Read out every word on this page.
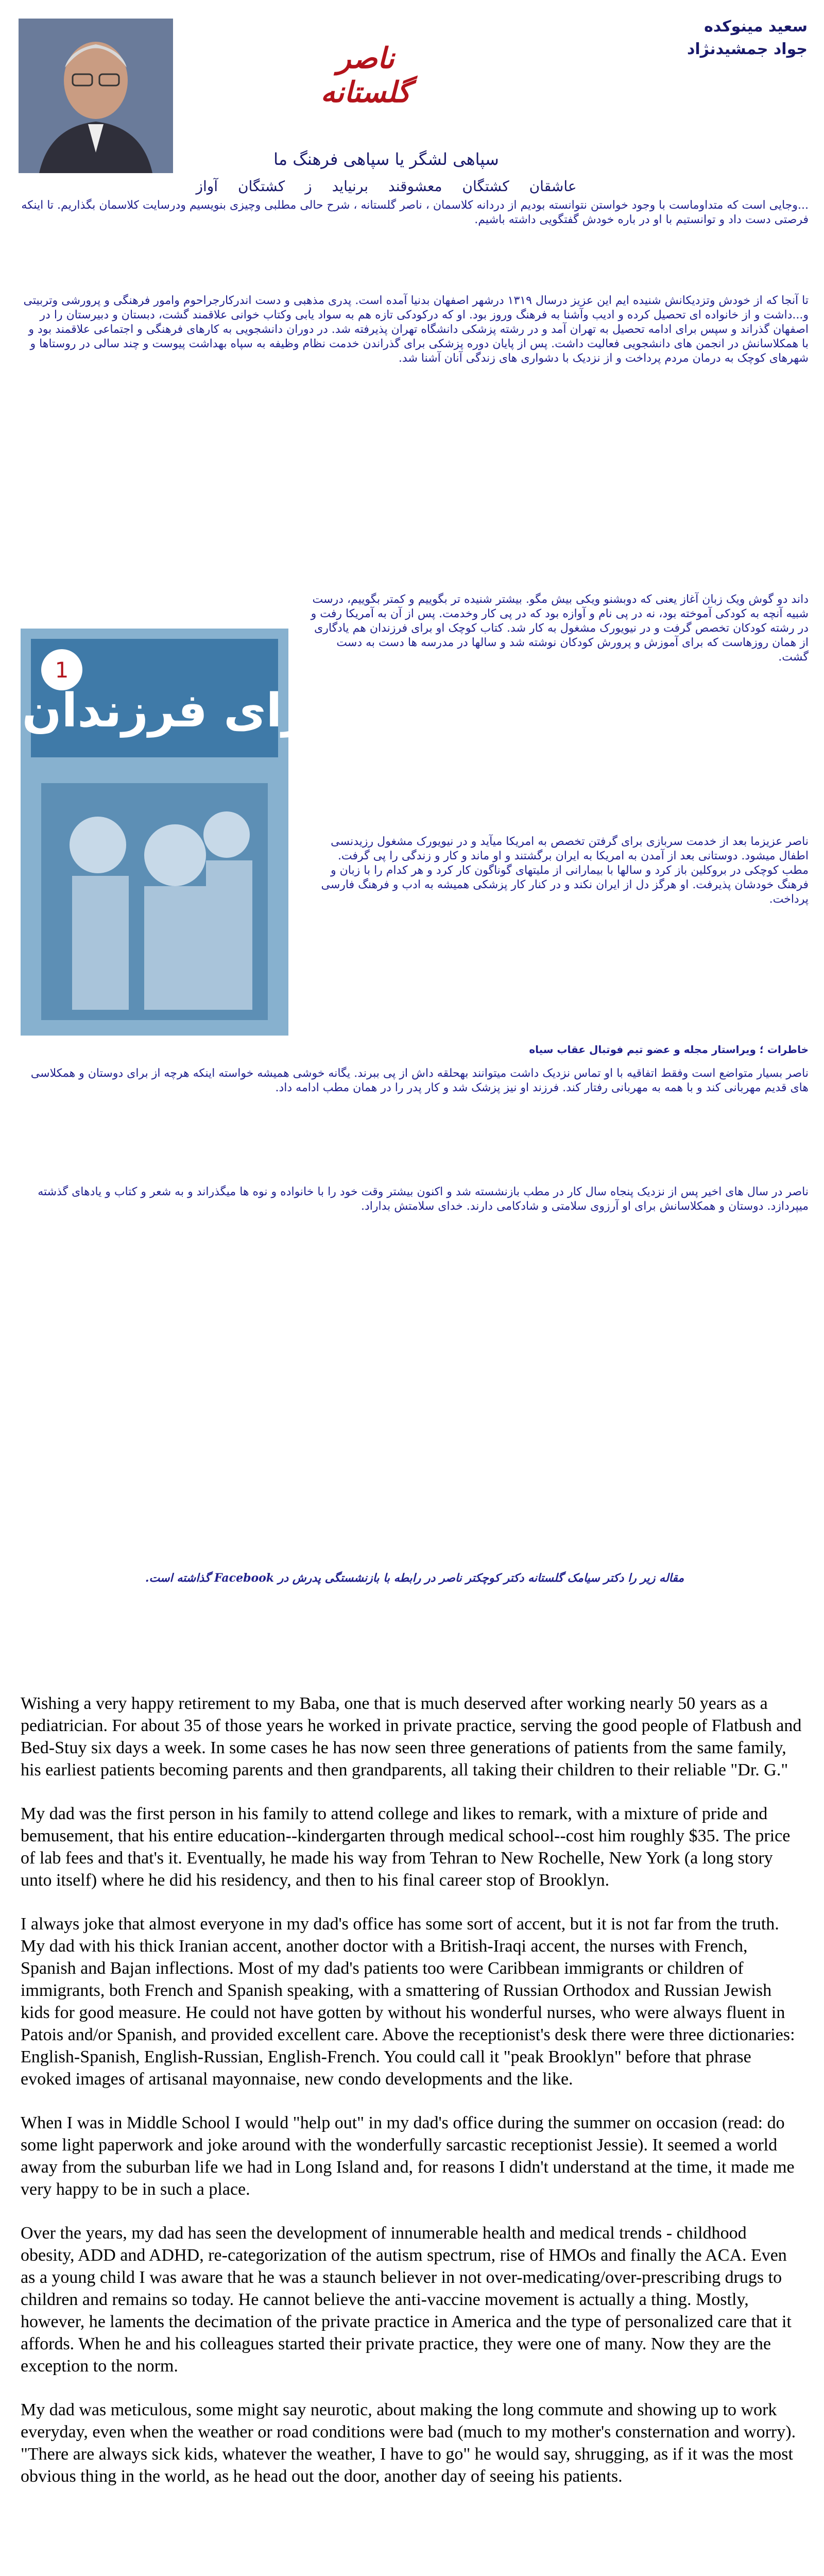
سعید مینوکده
جواد جمشیدنژاد
ناصر گلستانه
سپاهی لشگر یا سپاهی فرهنگ ما
عاشقان کشتگان معشوقند برنیاید ز کشتگان آواز
...وجایی است که متداوماست با وجود خواستن نتوانسته بودیم از دردانه کلاسمان ، ناصر گلستانه ، شرح حالی مطلبی وچیزی بنویسیم ودرسایت کلاسمان بگذاریم. تا اینکه فرصتی دست داد و توانستیم با او در باره خودش گفتگویی داشته باشیم.
تا آنجا که از خودش وتزدیکانش شنیده ایم این عزیز درسال ۱۳۱۹ درشهر اصفهان بدنیا آمده است. پدری مذهبی و دست اندرکارجراحوم وامور فرهنگی و پرورشی وتربیتی و...داشت و از خانواده ای تحصیل کرده و ادیب وآشنا به فرهنگ وروز بود. او که درکودکی تازه هم به سواد یابی وکتاب خوانی علاقمند گشت، دبستان و دبیرستان را در اصفهان گذراند و سپس برای ادامه تحصیل به تهران آمد و در رشته پزشکی دانشگاه تهران پذیرفته شد. در دوران دانشجویی به کارهای فرهنگی و اجتماعی علاقمند بود و با همکلاسانش در انجمن های دانشجویی فعالیت داشت. پس از پایان دوره پزشکی برای گذراندن خدمت نظام وظیفه به سپاه بهداشت پیوست و چند سالی در روستاها و شهرهای کوچک به درمان مردم پرداخت و از نزدیک با دشواری های زندگی آنان آشنا شد.
1
برای فرزندان
داند دو گوش ویک زبان آغاز یعنی که دوبشنو ویکی بیش مگو. بیشتر شنیده تر بگوییم و کمتر بگوییم، درست شبیه آنچه به کودکی آموخته بود، نه در پی نام و آوازه بود که در پی کار وخدمت. پس از آن به آمریکا رفت و در رشته کودکان تخصص گرفت و در نیویورک مشغول به کار شد. کتاب کوچک او برای فرزندان هم یادگاری از همان روزهاست که برای آموزش و پرورش کودکان نوشته شد و سالها در مدرسه ها دست به دست گشت.
ناصر عزیزما بعد از خدمت سربازی برای گرفتن تخصص به امریکا میآید و در نیویورک مشغول رزیدنسی اطفال میشود. دوستانی بعد از آمدن به امریکا به ایران برگشتند و او ماند و کار و زندگی را پی گرفت. مطب کوچکی در بروکلین باز کرد و سالها با بیمارانی از ملیتهای گوناگون کار کرد و هر کدام را با زبان و فرهنگ خودشان پذیرفت. او هرگز دل از ایران نکند و در کنار کار پزشکی همیشه به ادب و فرهنگ فارسی پرداخت.
خاطرات ؛ ویراستار مجله و عضو تیم فوتبال عقاب سیاه
ناصر بسیار متواضع است وفقط اتفاقیه با او تماس نزدیک داشت میتوانند بهحلقه داش از پی ببرند. یگانه خوشی همیشه خواسته اینکه هرچه از برای دوستان و همکلاسی های قدیم مهربانی کند و با همه به مهربانی رفتار کند. فرزند او نیز پزشک شد و کار پدر را در همان مطب ادامه داد.
ناصر در سال های اخیر پس از نزدیک پنجاه سال کار در مطب بازنشسته شد و اکنون بیشتر وقت خود را با خانواده و نوه ها میگذراند و به شعر و کتاب و یادهای گذشته میپردازد. دوستان و همکلاسانش برای او آرزوی سلامتی و شادکامی دارند. خدای سلامتش بداراد.
مقاله زیر را دکتر سیامک گلستانه دکتر کوچکتر ناصر در رابطه با بازنشستگی پدرش در Facebook گذاشته است.

Wishing a very happy retirement to my Baba, one that is much deserved after working nearly 50 years as a pediatrician. For about 35 of those years he worked in private practice, serving the good people of Flatbush and Bed-Stuy six days a week. In some cases he has now seen three generations of patients from the same family, his earliest patients becoming parents and then grandparents, all taking their children to their reliable "Dr. G."

My dad was the first person in his family to attend college and likes to remark, with a mixture of pride and bemusement, that his entire education--kindergarten through medical school--cost him roughly $35. The price of lab fees and that's it. Eventually, he made his way from Tehran to New Rochelle, New York (a long story unto itself) where he did his residency, and then to his final career stop of Brooklyn.

I always joke that almost everyone in my dad's office has some sort of accent, but it is not far from the truth. My dad with his thick Iranian accent, another doctor with a British-Iraqi accent, the nurses with French, Spanish and Bajan inflections. Most of my dad's patients too were Caribbean immigrants or children of immigrants, both French and Spanish speaking, with a smattering of Russian Orthodox and Russian Jewish kids for good measure. He could not have gotten by without his wonderful nurses, who were always fluent in Patois and/or Spanish, and provided excellent care. Above the receptionist's desk there were three dictionaries: English-Spanish, English-Russian, English-French. You could call it "peak Brooklyn" before that phrase evoked images of artisanal mayonnaise, new condo developments and the like.

When I was in Middle School I would "help out" in my dad's office during the summer on occasion (read: do some light paperwork and joke around with the wonderfully sarcastic receptionist Jessie). It seemed a world away from the suburban life we had in Long Island and, for reasons I didn't understand at the time, it made me very happy to be in such a place.

Over the years, my dad has seen the development of innumerable health and medical trends - childhood obesity, ADD and ADHD, re-categorization of the autism spectrum, rise of HMOs and finally the ACA. Even as a young child I was aware that he was a staunch believer in not over-medicating/over-prescribing drugs to children and remains so today. He cannot believe the anti-vaccine movement is actually a thing. Mostly, however, he laments the decimation of the private practice in America and the type of personalized care that it affords. When he and his colleagues started their private practice, they were one of many. Now they are the exception to the norm.

My dad was meticulous, some might say neurotic, about making the long commute and showing up to work everyday, even when the weather or road conditions were bad (much to my mother's consternation and worry). "There are always sick kids, whatever the weather, I have to go" he would say, shrugging, as if it was the most obvious thing in the world, as he head out the door, another day of seeing his patients.
